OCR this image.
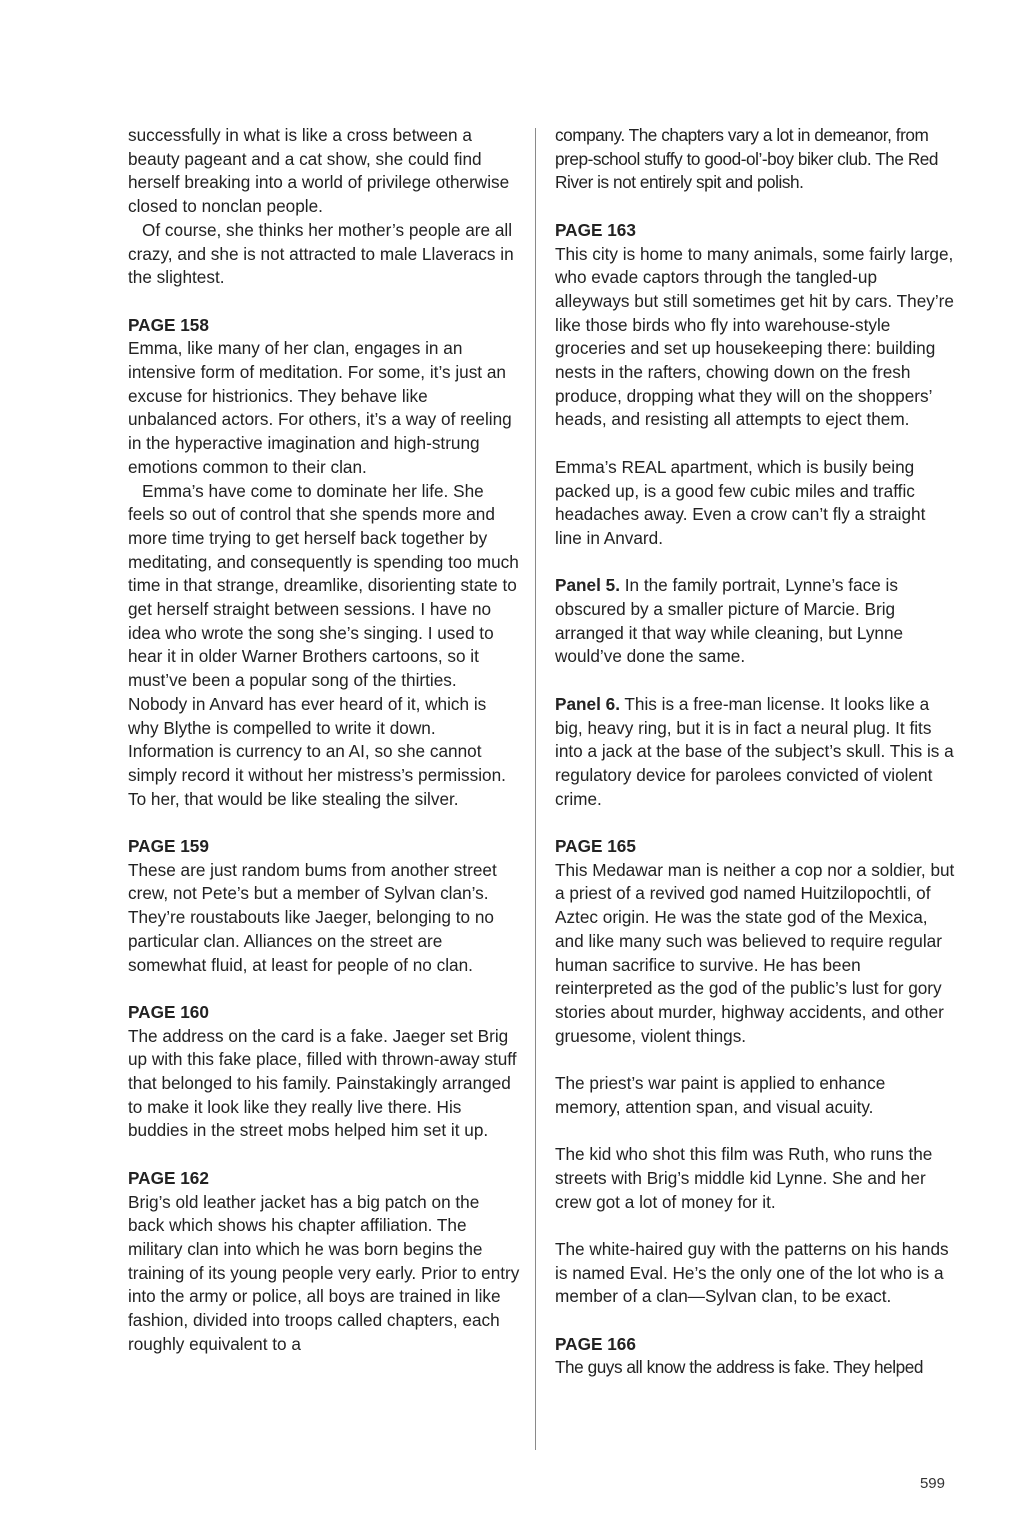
successfully in what is like a cross between a beauty pageant and a cat show, she could find herself breaking into a world of privilege otherwise closed to nonclan people.

Of course, she thinks her mother’s people are all crazy, and she is not attracted to male Llaveracs in the slightest.

PAGE 158

Emma, like many of her clan, engages in an intensive form of meditation. For some, it’s just an excuse for histrionics. They behave like unbalanced actors. For others, it’s a way of reeling in the hyperactive imagination and high-strung emotions common to their clan.

Emma’s have come to dominate her life. She feels so out of control that she spends more and more time trying to get herself back together by meditating, and consequently is spending too much time in that strange, dreamlike, disorienting state to get herself straight between sessions. I have no idea who wrote the song she’s singing. I used to hear it in older Warner Brothers cartoons, so it must’ve been a popular song of the thirties. Nobody in Anvard has ever heard of it, which is why Blythe is compelled to write it down. Information is currency to an AI, so she cannot simply record it without her mistress’s permission. To her, that would be like stealing the silver.

PAGE 159

These are just random bums from another street crew, not Pete’s but a member of Sylvan clan’s. They’re roustabouts like Jaeger, belonging to no particular clan. Alliances on the street are somewhat fluid, at least for people of no clan.

PAGE 160

The address on the card is a fake. Jaeger set Brig up with this fake place, filled with thrown-away stuff that belonged to his family. Painstakingly arranged to make it look like they really live there. His buddies in the street mobs helped him set it up.

PAGE 162

Brig’s old leather jacket has a big patch on the back which shows his chapter affiliation. The military clan into which he was born begins the training of its young people very early. Prior to entry into the army or police, all boys are trained in like fashion, divided into troops called chapters, each roughly equivalent to a

company. The chapters vary a lot in demeanor, from prep-school stuffy to good-ol’-boy biker club. The Red River is not entirely spit and polish.

PAGE 163

This city is home to many animals, some fairly large, who evade captors through the tangled-up alleyways but still sometimes get hit by cars. They’re like those birds who fly into warehouse-style groceries and set up housekeeping there: building nests in the rafters, chowing down on the fresh produce, dropping what they will on the shoppers’ heads, and resisting all attempts to eject them.

Emma’s REAL apartment, which is busily being packed up, is a good few cubic miles and traffic headaches away. Even a crow can’t fly a straight line in Anvard.

Panel 5. In the family portrait, Lynne’s face is obscured by a smaller picture of Marcie. Brig arranged it that way while cleaning, but Lynne would’ve done the same.

Panel 6. This is a free-man license. It looks like a big, heavy ring, but it is in fact a neural plug. It fits into a jack at the base of the subject’s skull. This is a regulatory device for parolees convicted of violent crime.

PAGE 165

This Medawar man is neither a cop nor a soldier, but a priest of a revived god named Huitzilopochtli, of Aztec origin. He was the state god of the Mexica, and like many such was believed to require regular human sacrifice to survive. He has been reinterpreted as the god of the public’s lust for gory stories about murder, highway accidents, and other gruesome, violent things.

The priest’s war paint is applied to enhance memory, attention span, and visual acuity.

The kid who shot this film was Ruth, who runs the streets with Brig’s middle kid Lynne. She and her crew got a lot of money for it.

The white-haired guy with the patterns on his hands is named Eval. He’s the only one of the lot who is a member of a clan—Sylvan clan, to be exact.

PAGE 166

The guys all know the address is fake. They helped

599
